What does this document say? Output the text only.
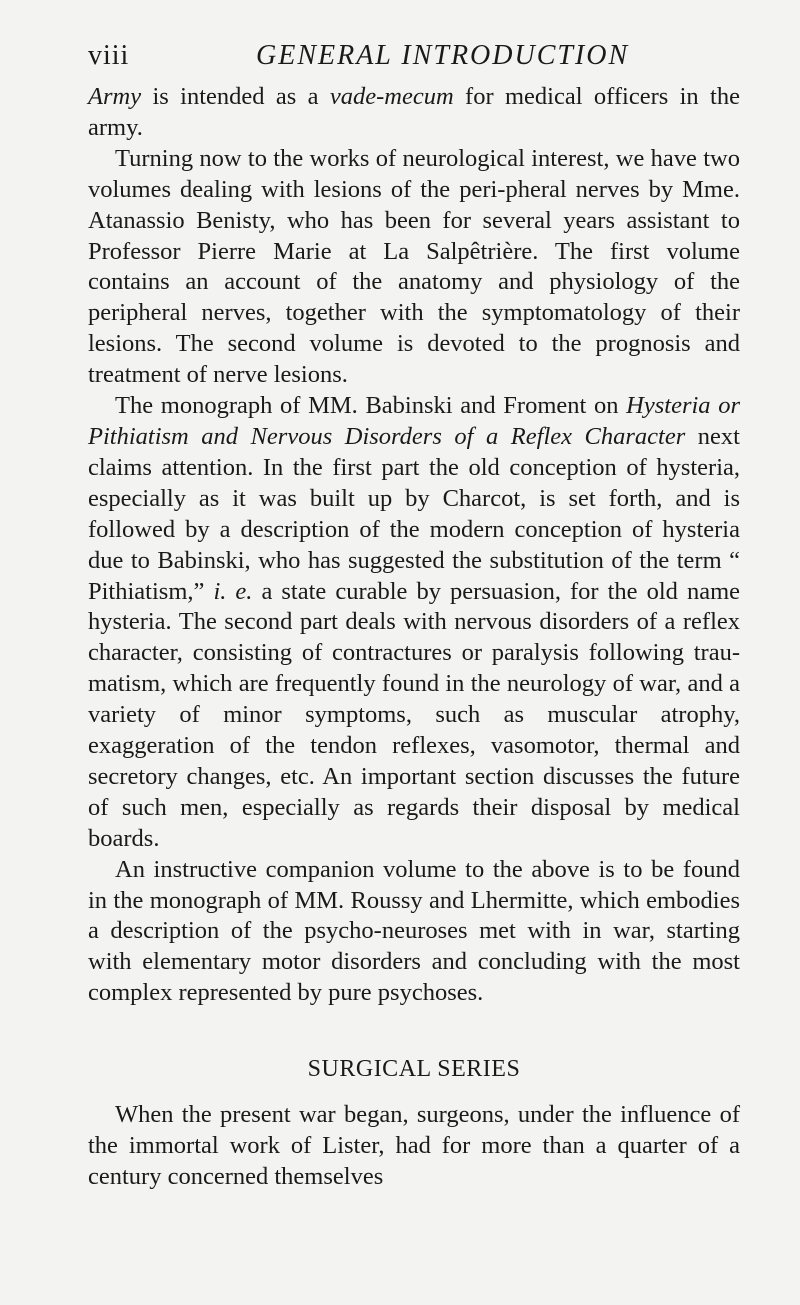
viii	GENERAL INTRODUCTION

Army is intended as a vade-mecum for medical officers in the army.

Turning now to the works of neurological interest, we have two volumes dealing with lesions of the peri-pheral nerves by Mme. Atanassio Benisty, who has been for several years assistant to Professor Pierre Marie at La Salpêtrière. The first volume contains an account of the anatomy and physiology of the peripheral nerves, together with the symptomatology of their lesions. The second volume is devoted to the prognosis and treatment of nerve lesions.

The monograph of MM. Babinski and Froment on Hysteria or Pithiatism and Nervous Disorders of a Reflex Character next claims attention. In the first part the old conception of hysteria, especially as it was built up by Charcot, is set forth, and is followed by a description of the modern conception of hysteria due to Babinski, who has suggested the substitution of the term “ Pithiatism,” i. e. a state curable by persuasion, for the old name hysteria. The second part deals with nervous disorders of a reflex character, consisting of contractures or paralysis following trau-matism, which are frequently found in the neurology of war, and a variety of minor symptoms, such as muscular atrophy, exaggeration of the tendon reflexes, vasomotor, thermal and secretory changes, etc. An important section discusses the future of such men, especially as regards their disposal by medical boards.

An instructive companion volume to the above is to be found in the monograph of MM. Roussy and Lhermitte, which embodies a description of the psycho-neuroses met with in war, starting with elementary motor disorders and concluding with the most complex represented by pure psychoses.

SURGICAL SERIES

When the present war began, surgeons, under the influence of the immortal work of Lister, had for more than a quarter of a century concerned themselves
